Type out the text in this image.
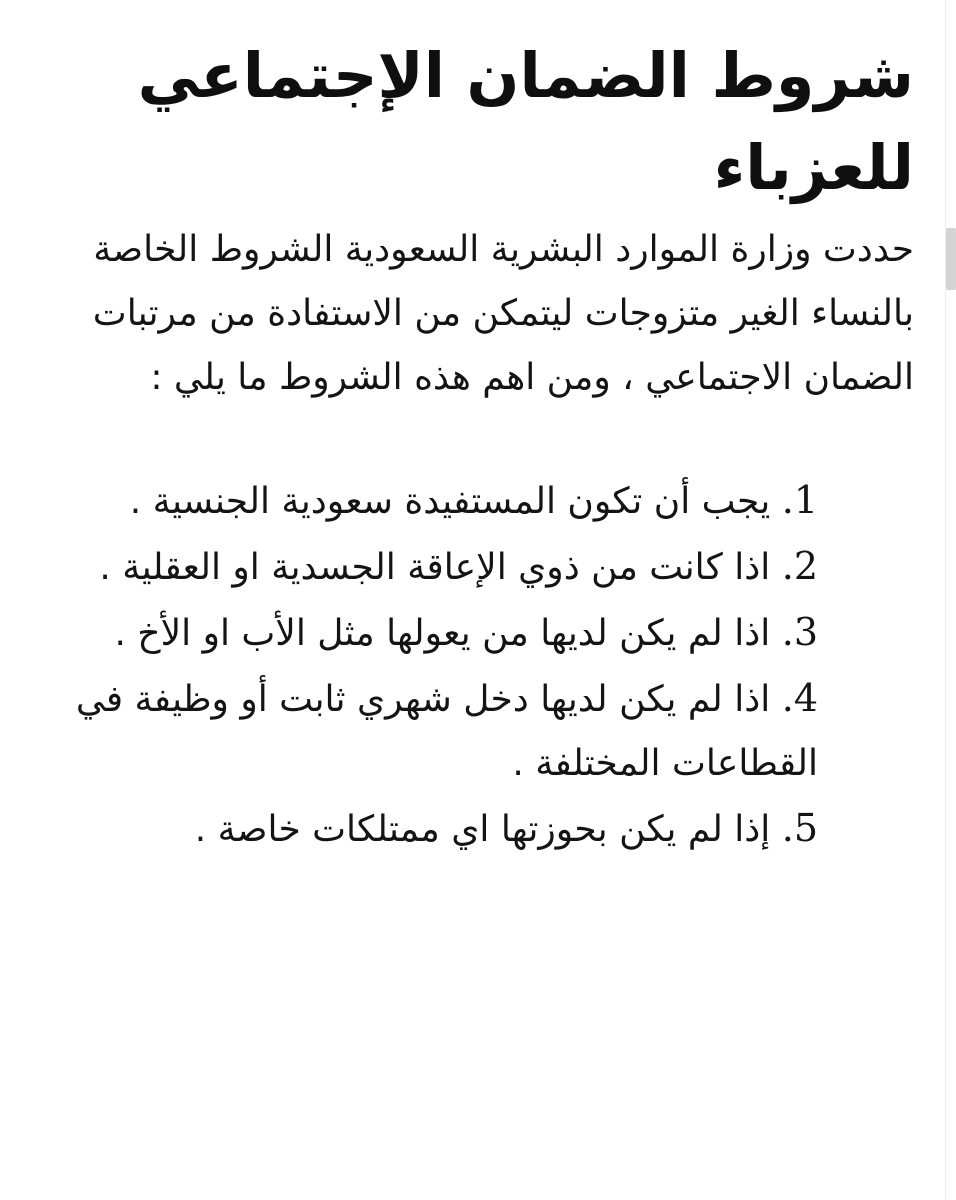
شروط الضمان الإجتماعي للعزباء

حددت وزارة الموارد البشرية السعودية الشروط الخاصة بالنساء الغير متزوجات ليتمكن من الاستفادة من مرتبات الضمان الاجتماعي ، ومن اهم هذه الشروط ما يلي :

1. يجب أن تكون المستفيدة سعودية الجنسية .
2. اذا كانت من ذوي الإعاقة الجسدية او العقلية .
3. اذا لم يكن لديها من يعولها مثل الأب او الأخ .
4. اذا لم يكن لديها دخل شهري ثابت أو وظيفة في القطاعات المختلفة .
5. إذا لم يكن بحوزتها اي ممتلكات خاصة .
